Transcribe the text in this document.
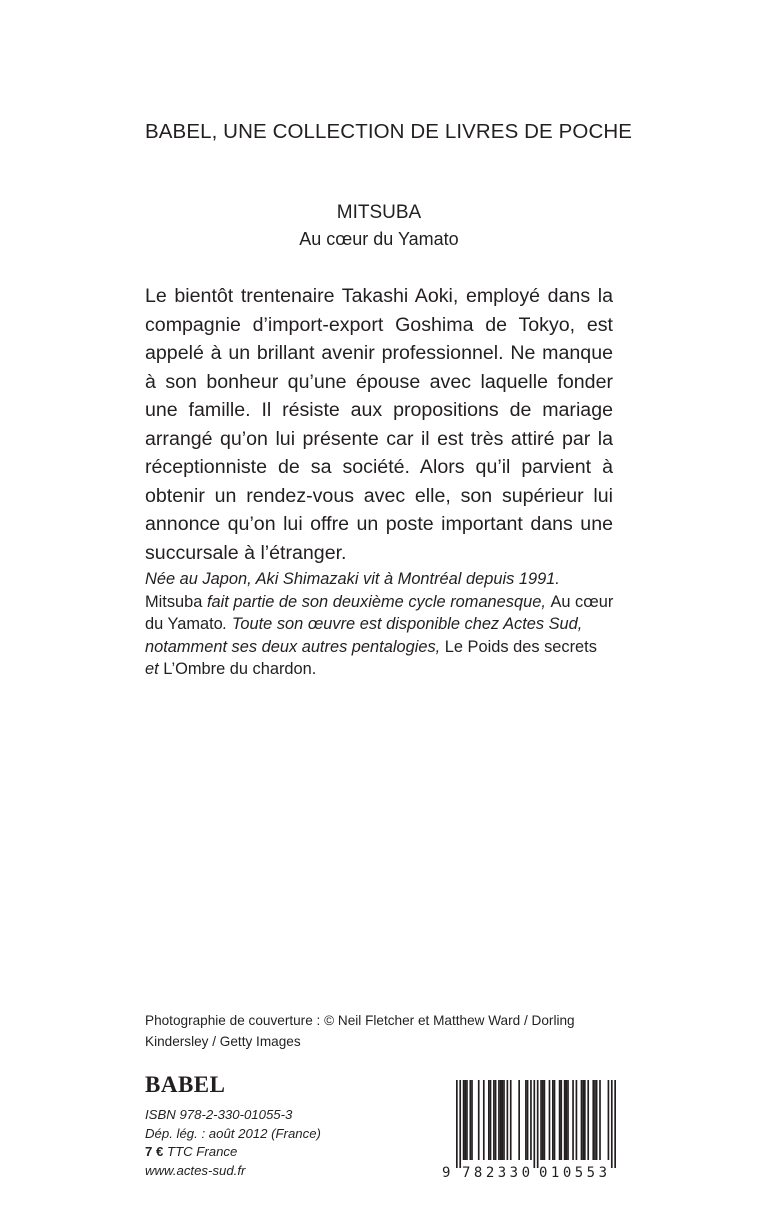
BABEL, UNE COLLECTION DE LIVRES DE POCHE
MITSUBA
Au cœur du Yamato

Le bientôt trentenaire Takashi Aoki, employé dans la compagnie d’import-export Goshima de Tokyo, est appelé à un brillant avenir professionnel. Ne manque à son bonheur qu’une épouse avec laquelle fonder une famille. Il résiste aux propositions de mariage arrangé qu’on lui présente car il est très attiré par la réceptionniste de sa société. Alors qu’il parvient à obtenir un rendez-vous avec elle, son supérieur lui annonce qu’on lui offre un poste important dans une succursale à l’étranger.

Née au Japon, Aki Shimazaki vit à Montréal depuis 1991. Mitsuba fait partie de son deuxième cycle romanesque, Au cœur du Yamato. Toute son œuvre est disponible chez Actes Sud, notamment ses deux autres pentalogies, Le Poids des secrets et L’Ombre du chardon.

Photographie de couverture : © Neil Fletcher et Matthew Ward / Dorling Kindersley / Getty Images
BABEL
ISBN 978-2-330-01055-3
Dép. lég. : août 2012 (France)
7 € TTC France
www.actes-sud.fr	9 782330 010553
